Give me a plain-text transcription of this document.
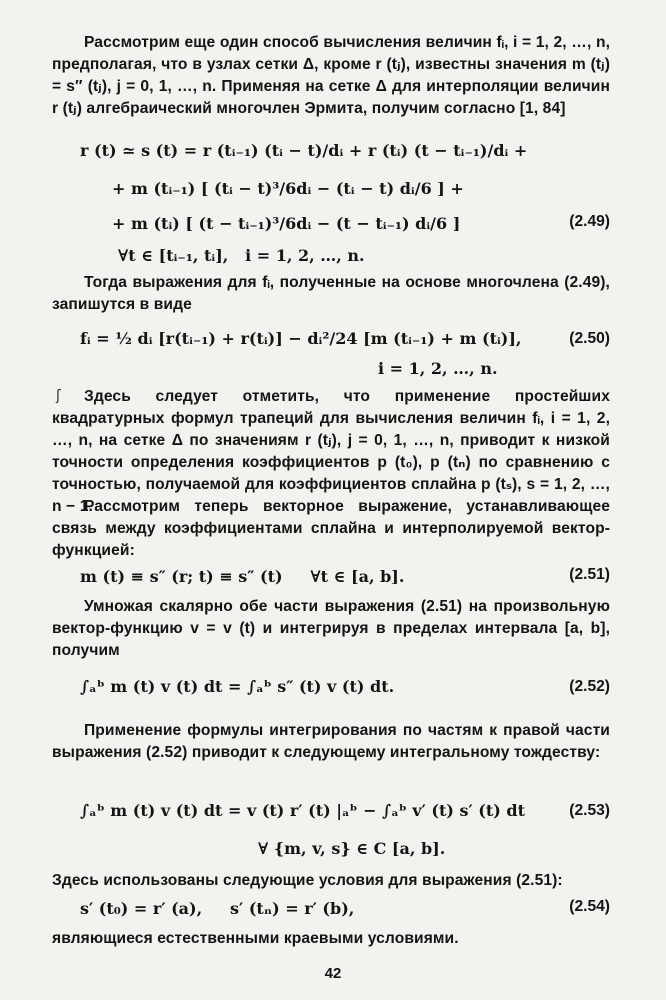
Рассмотрим еще один способ вычисления величин fᵢ, i = 1, 2, …, n, предполагая, что в узлах сетки Δ, кроме r (tⱼ), известны значения m (tⱼ) = s″ (tⱼ), j = 0, 1, …, n. Применяя на сетке Δ для интерполяции величин r (tⱼ) алгебраический многочлен Эрмита, получим согласно [1, 84]

r (t) ≃ s (t) = r (tᵢ₋₁) (tᵢ − t)/dᵢ + r (tᵢ) (t − tᵢ₋₁)/dᵢ +
+ m (tᵢ₋₁) [ (tᵢ − t)³/6dᵢ − (tᵢ − t) dᵢ/6 ] +
+ m (tᵢ) [ (t − tᵢ₋₁)³/6dᵢ − (t − tᵢ₋₁) dᵢ/6 ]
∀t ∈ [tᵢ₋₁, tᵢ],   i = 1, 2, …, n.
(2.49)

Тогда выражения для fᵢ, полученные на основе многочлена (2.49), запишутся в виде

fᵢ = ½ dᵢ [r(tᵢ₋₁) + r(tᵢ)] − dᵢ²/24 [m (tᵢ₋₁) + m (tᵢ)],
i = 1, 2, …, n.
(2.50)
ʃ	Здесь следует отметить, что применение простейших квадратурных формул трапеций для вычисления величин fᵢ, i = 1, 2, …, n, на сетке Δ по значениям r (tⱼ), j = 0, 1, …, n, приводит к низкой точности определения коэффициентов p (t₀), p (tₙ) по сравнению с точностью, получаемой для коэффициентов сплайна p (tₛ), s = 1, 2, …, n − 1.

Рассмотрим теперь векторное выражение, устанавливающее связь между коэффициентами сплайна и интерполируемой вектор-функцией:

m (t) ≡ s″ (r; t) ≡ s″ (t)     ∀t ∈ [a, b].	(2.51)

Умножая скалярно обе части выражения (2.51) на произвольную вектор-функцию v = v (t) и интегрируя в пределах интервала [a, b], получим

∫ₐᵇ m (t) v (t) dt = ∫ₐᵇ s″ (t) v (t) dt.	(2.52)

Применение формулы интегрирования по частям к правой части выражения (2.52) приводит к следующему интегральному тождеству:

∫ₐᵇ m (t) v (t) dt = v (t) r′ (t) |ₐᵇ − ∫ₐᵇ v′ (t) s′ (t) dt
∀ {m, v, s} ∈ C [a, b].
(2.53)

Здесь использованы следующие условия для выражения (2.51):

s′ (t₀) = r′ (a),     s′ (tₙ) = r′ (b),	(2.54)

являющиеся естественными краевыми условиями.

42
